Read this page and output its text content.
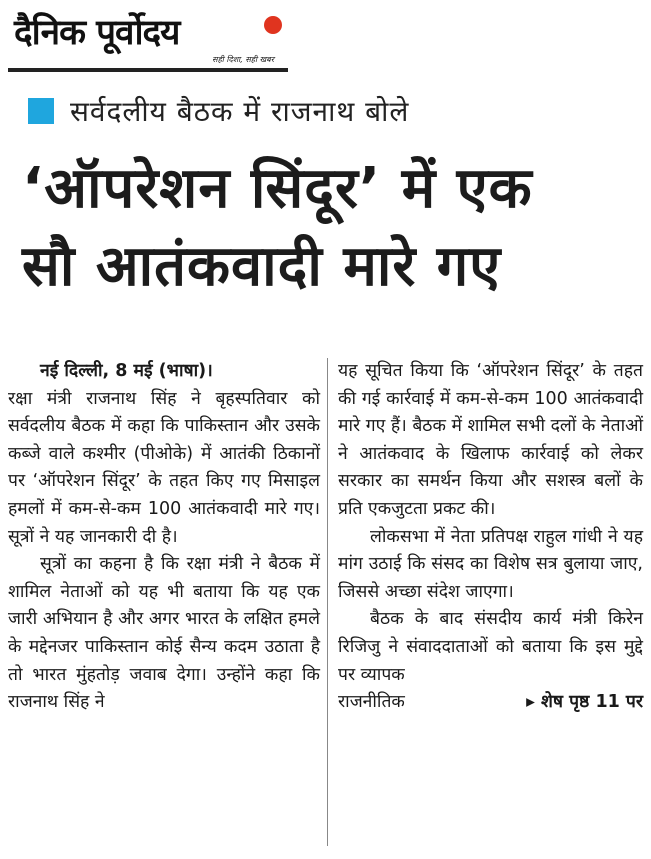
दैनिक पूर्वोदय
सही दिशा, सही खबर
सर्वदलीय बैठक में राजनाथ बोले
‘ऑपरेशन सिंदूर’ में एक
सौ आतंकवादी मारे गए

नई दिल्ली, 8 मई (भाषा)।

रक्षा मंत्री राजनाथ सिंह ने बृहस्पतिवार को सर्वदलीय बैठक में कहा कि पाकिस्तान और उसके कब्जे वाले कश्मीर (पीओके) में आतंकी ठिकानों पर ‘ऑपरेशन सिंदूर’ के तहत किए गए मिसाइल हमलों में कम-से-कम 100 आतंकवादी मारे गए। सूत्रों ने यह जानकारी दी है।

सूत्रों का कहना है कि रक्षा मंत्री ने बैठक में शामिल नेताओं को यह भी बताया कि यह एक जारी अभियान है और अगर भारत के लक्षित हमले के मद्देनजर पाकिस्तान कोई सैन्य कदम उठाता है तो भारत मुंहतोड़ जवाब देगा। उन्होंने कहा कि राजनाथ सिंह ने

यह सूचित किया कि ‘ऑपरेशन सिंदूर’ के तहत की गई कार्रवाई में कम-से-कम 100 आतंकवादी मारे गए हैं। बैठक में शामिल सभी दलों के नेताओं ने आतंकवाद के खिलाफ कार्रवाई को लेकर सरकार का समर्थन किया और सशस्त्र बलों के प्रति एकजुटता प्रकट की।

लोकसभा में नेता प्रतिपक्ष राहुल गांधी ने यह मांग उठाई कि संसद का विशेष सत्र बुलाया जाए, जिससे अच्छा संदेश जाएगा।

बैठक के बाद संसदीय कार्य मंत्री किरेन रिजिजु ने संवाददाताओं को बताया कि इस मुद्दे पर व्यापक

राजनीतिक	▸ शेष पृष्ठ 11 पर
